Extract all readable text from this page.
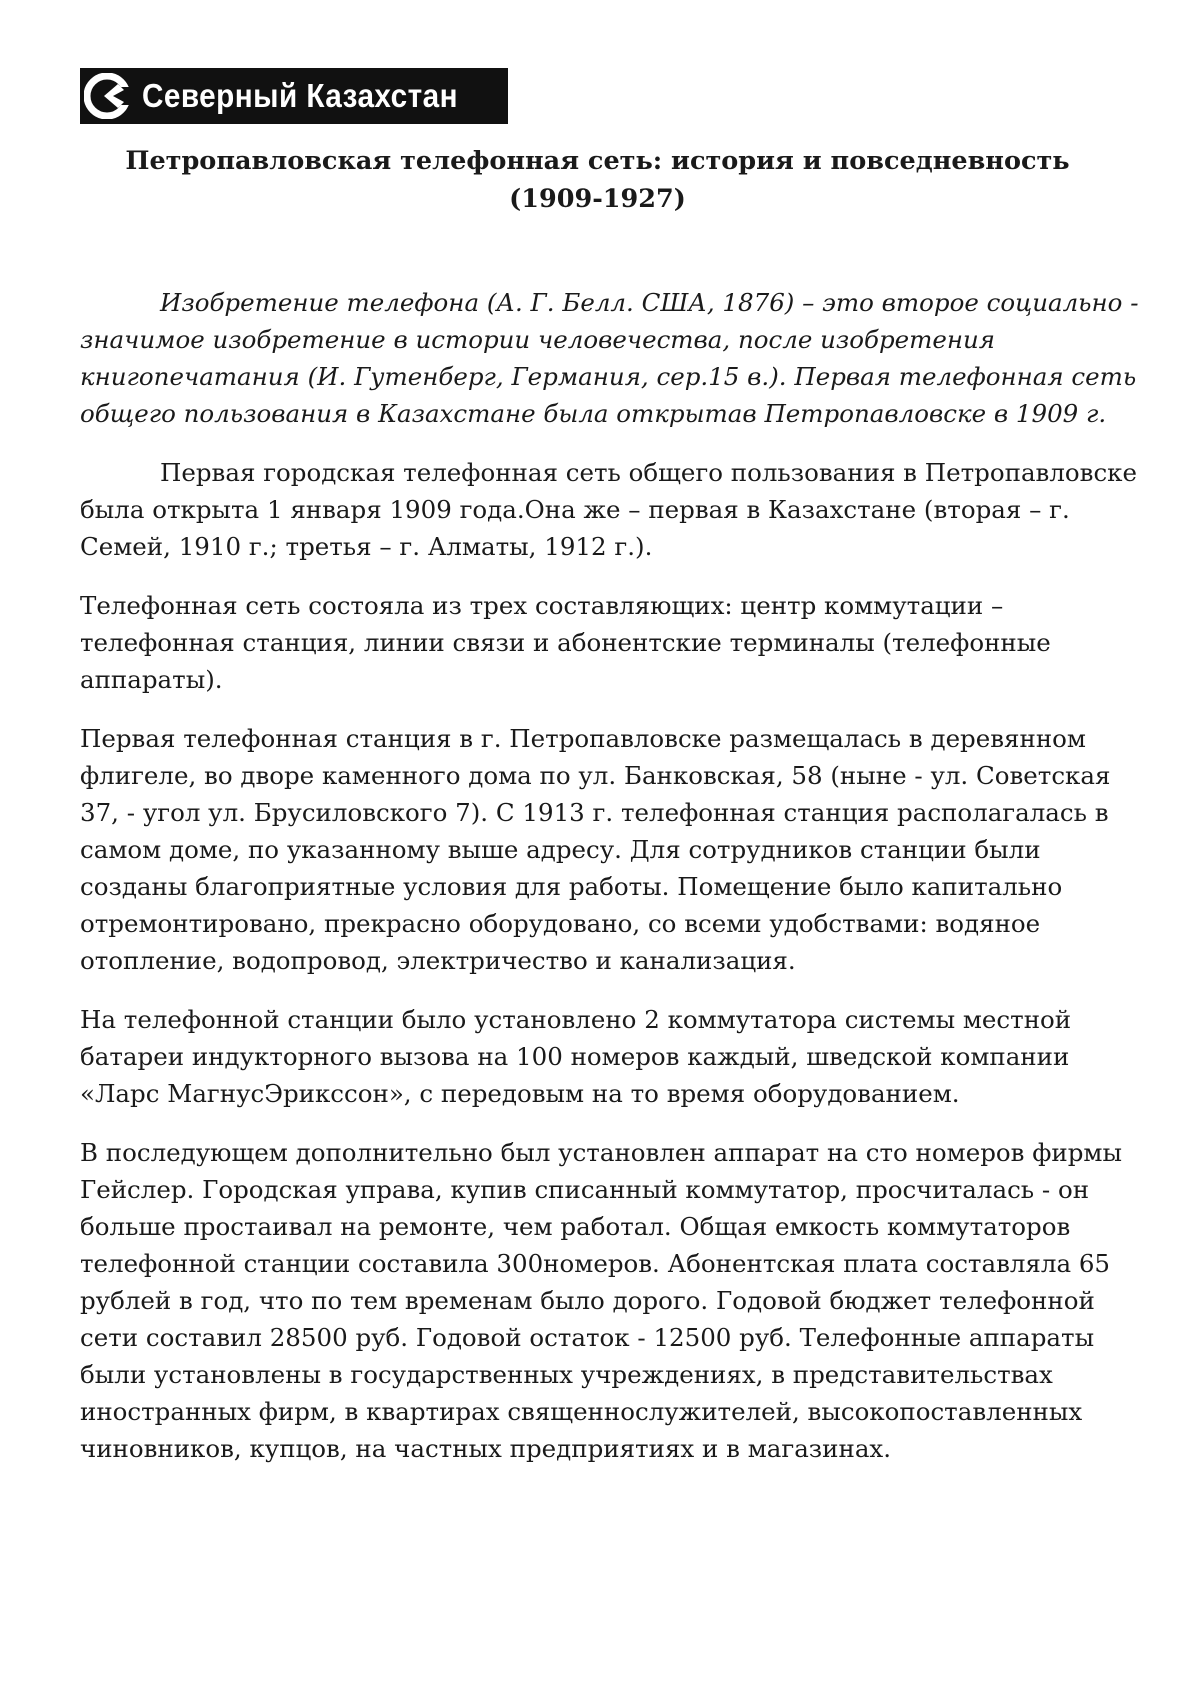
Северный Казахстан
Петропавловская телефонная сеть: история и повседневность
(1909-1927)

Изобретение телефона (А. Г. Белл. США, 1876) – это второе социально - значимое изобретение в истории человечества, после изобретения книгопечатания (И. Гутенберг, Германия, сер.15 в.). Первая телефонная сеть общего пользования в Казахстане была открытав Петропавловске в 1909 г.

Первая городская телефонная сеть общего пользования в Петропавловске была открыта 1 января 1909 года.Она же – первая в Казахстане (вторая – г. Семей, 1910 г.; третья – г. Алматы, 1912 г.).

Телефонная сеть состояла из трех составляющих: центр коммутации – телефонная станция, линии связи и абонентские терминалы (телефонные аппараты).

Первая телефонная станция в г. Петропавловске размещалась в деревянном флигеле, во дворе каменного дома по ул. Банковская, 58 (ныне - ул. Советская 37, - угол ул. Брусиловского 7). С 1913 г. телефонная станция располагалась в самом доме, по указанному выше адресу. Для сотрудников станции были созданы благоприятные условия для работы. Помещение было капитально отремонтировано, прекрасно оборудовано, со всеми удобствами: водяное отопление, водопровод, электричество и канализация.

На телефонной станции было установлено 2 коммутатора системы местной батареи индукторного вызова на 100 номеров каждый, шведской компании «Ларс МагнусЭрикссон», с передовым на то время оборудованием.

В последующем дополнительно был установлен аппарат на сто номеров фирмы Гейслер. Городская управа, купив списанный коммутатор, просчиталась - он больше простаивал на ремонте, чем работал. Общая емкость коммутаторов телефонной станции составила 300номеров. Абонентская плата составляла 65 рублей в год, что по тем временам было дорого. Годовой бюджет телефонной сети составил 28500 руб. Годовой остаток - 12500 руб. Телефонные аппараты были установлены в государственных учреждениях, в представительствах иностранных фирм, в квартирах священнослужителей, высокопоставленных чиновников, купцов, на частных предприятиях и в магазинах.
